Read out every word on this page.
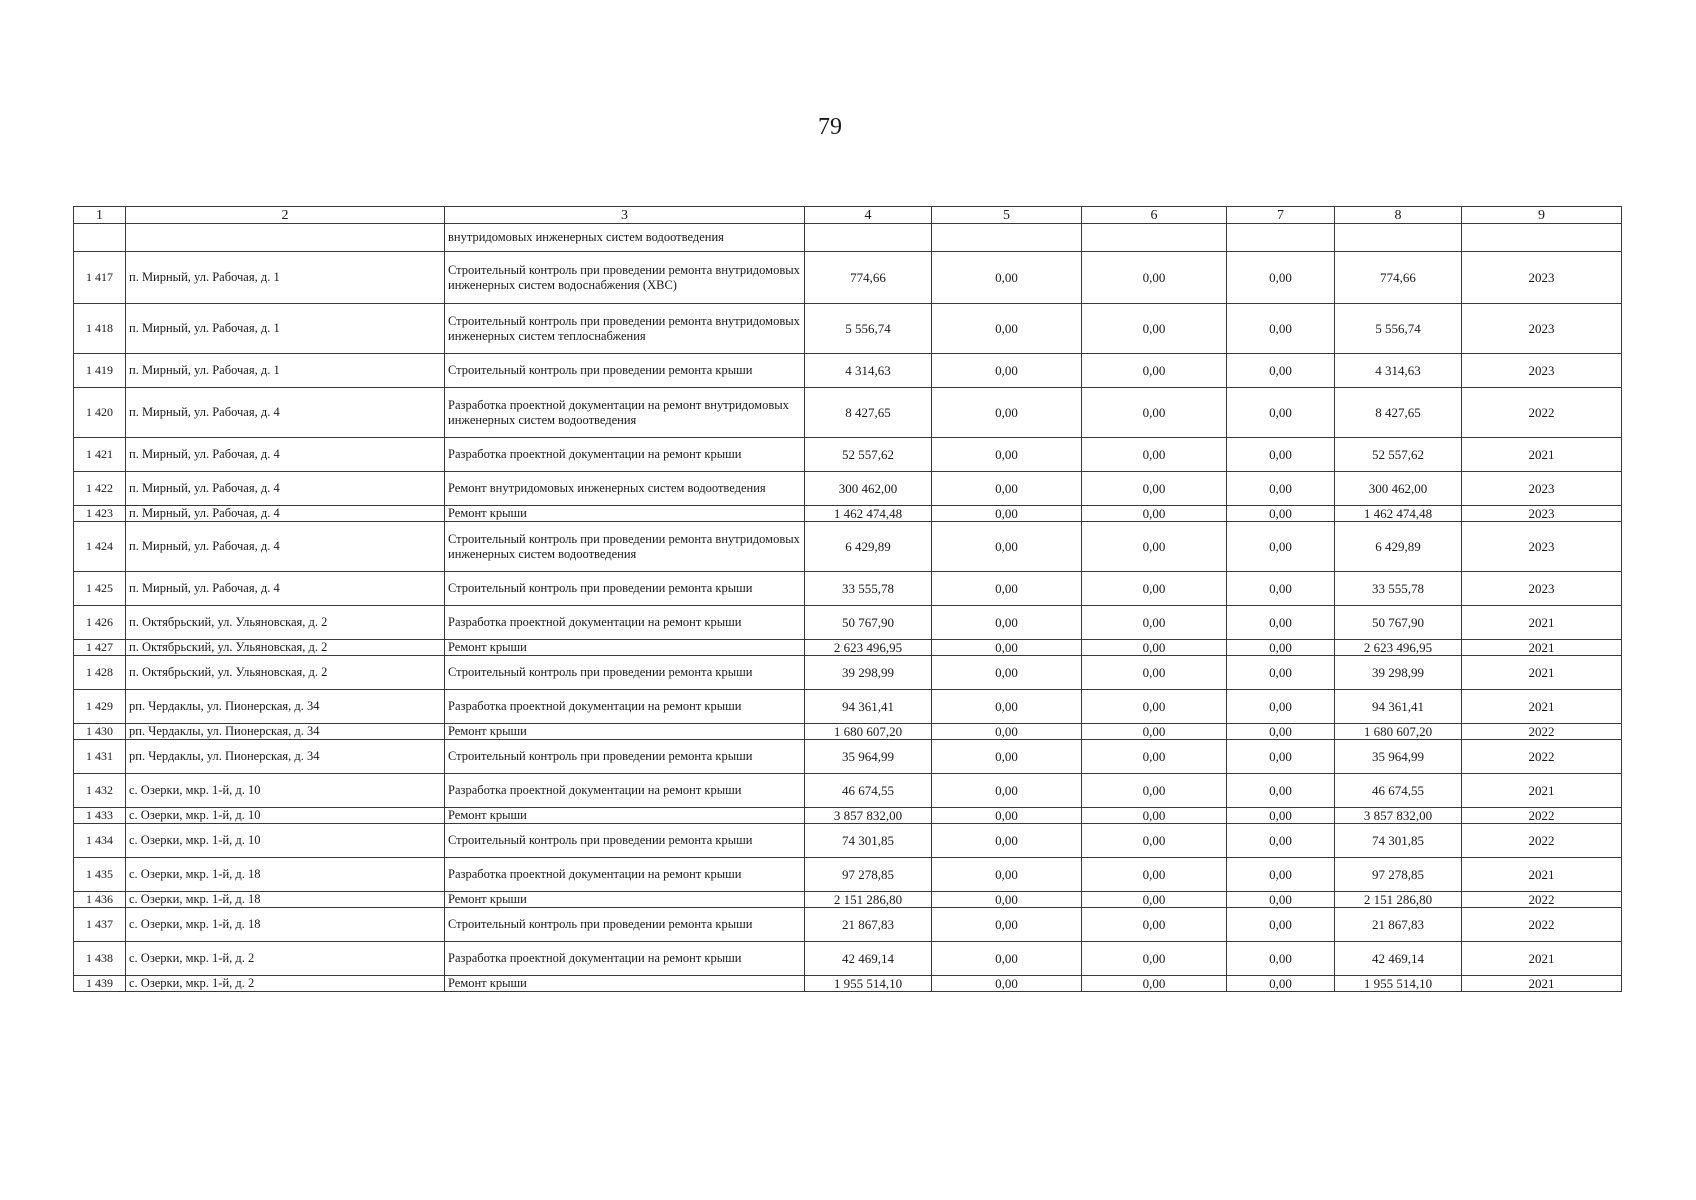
79
1	2	3	4	5	6	7	8	9
		внутридомовых инженерных систем водоотведения						
1 417	п. Мирный, ул. Рабочая, д. 1	Строительный контроль при проведении ремонта внутридомовых инженерных систем водоснабжения (ХВС)	774,66	0,00	0,00	0,00	774,66	2023
1 418	п. Мирный, ул. Рабочая, д. 1	Строительный контроль при проведении ремонта внутридомовых инженерных систем теплоснабжения	5 556,74	0,00	0,00	0,00	5 556,74	2023
1 419	п. Мирный, ул. Рабочая, д. 1	Строительный контроль при проведении ремонта крыши	4 314,63	0,00	0,00	0,00	4 314,63	2023
1 420	п. Мирный, ул. Рабочая, д. 4	Разработка проектной документации на ремонт внутридомовых инженерных систем водоотведения	8 427,65	0,00	0,00	0,00	8 427,65	2022
1 421	п. Мирный, ул. Рабочая, д. 4	Разработка проектной документации на ремонт крыши	52 557,62	0,00	0,00	0,00	52 557,62	2021
1 422	п. Мирный, ул. Рабочая, д. 4	Ремонт внутридомовых инженерных систем водоотведения	300 462,00	0,00	0,00	0,00	300 462,00	2023
1 423	п. Мирный, ул. Рабочая, д. 4	Ремонт крыши	1 462 474,48	0,00	0,00	0,00	1 462 474,48	2023
1 424	п. Мирный, ул. Рабочая, д. 4	Строительный контроль при проведении ремонта внутридомовых инженерных систем водоотведения	6 429,89	0,00	0,00	0,00	6 429,89	2023
1 425	п. Мирный, ул. Рабочая, д. 4	Строительный контроль при проведении ремонта крыши	33 555,78	0,00	0,00	0,00	33 555,78	2023
1 426	п. Октябрьский, ул. Ульяновская, д. 2	Разработка проектной документации на ремонт крыши	50 767,90	0,00	0,00	0,00	50 767,90	2021
1 427	п. Октябрьский, ул. Ульяновская, д. 2	Ремонт крыши	2 623 496,95	0,00	0,00	0,00	2 623 496,95	2021
1 428	п. Октябрьский, ул. Ульяновская, д. 2	Строительный контроль при проведении ремонта крыши	39 298,99	0,00	0,00	0,00	39 298,99	2021
1 429	рп. Чердаклы, ул. Пионерская, д. 34	Разработка проектной документации на ремонт крыши	94 361,41	0,00	0,00	0,00	94 361,41	2021
1 430	рп. Чердаклы, ул. Пионерская, д. 34	Ремонт крыши	1 680 607,20	0,00	0,00	0,00	1 680 607,20	2022
1 431	рп. Чердаклы, ул. Пионерская, д. 34	Строительный контроль при проведении ремонта крыши	35 964,99	0,00	0,00	0,00	35 964,99	2022
1 432	с. Озерки, мкр. 1-й, д. 10	Разработка проектной документации на ремонт крыши	46 674,55	0,00	0,00	0,00	46 674,55	2021
1 433	с. Озерки, мкр. 1-й, д. 10	Ремонт крыши	3 857 832,00	0,00	0,00	0,00	3 857 832,00	2022
1 434	с. Озерки, мкр. 1-й, д. 10	Строительный контроль при проведении ремонта крыши	74 301,85	0,00	0,00	0,00	74 301,85	2022
1 435	с. Озерки, мкр. 1-й, д. 18	Разработка проектной документации на ремонт крыши	97 278,85	0,00	0,00	0,00	97 278,85	2021
1 436	с. Озерки, мкр. 1-й, д. 18	Ремонт крыши	2 151 286,80	0,00	0,00	0,00	2 151 286,80	2022
1 437	с. Озерки, мкр. 1-й, д. 18	Строительный контроль при проведении ремонта крыши	21 867,83	0,00	0,00	0,00	21 867,83	2022
1 438	с. Озерки, мкр. 1-й, д. 2	Разработка проектной документации на ремонт крыши	42 469,14	0,00	0,00	0,00	42 469,14	2021
1 439	с. Озерки, мкр. 1-й, д. 2	Ремонт крыши	1 955 514,10	0,00	0,00	0,00	1 955 514,10	2021
